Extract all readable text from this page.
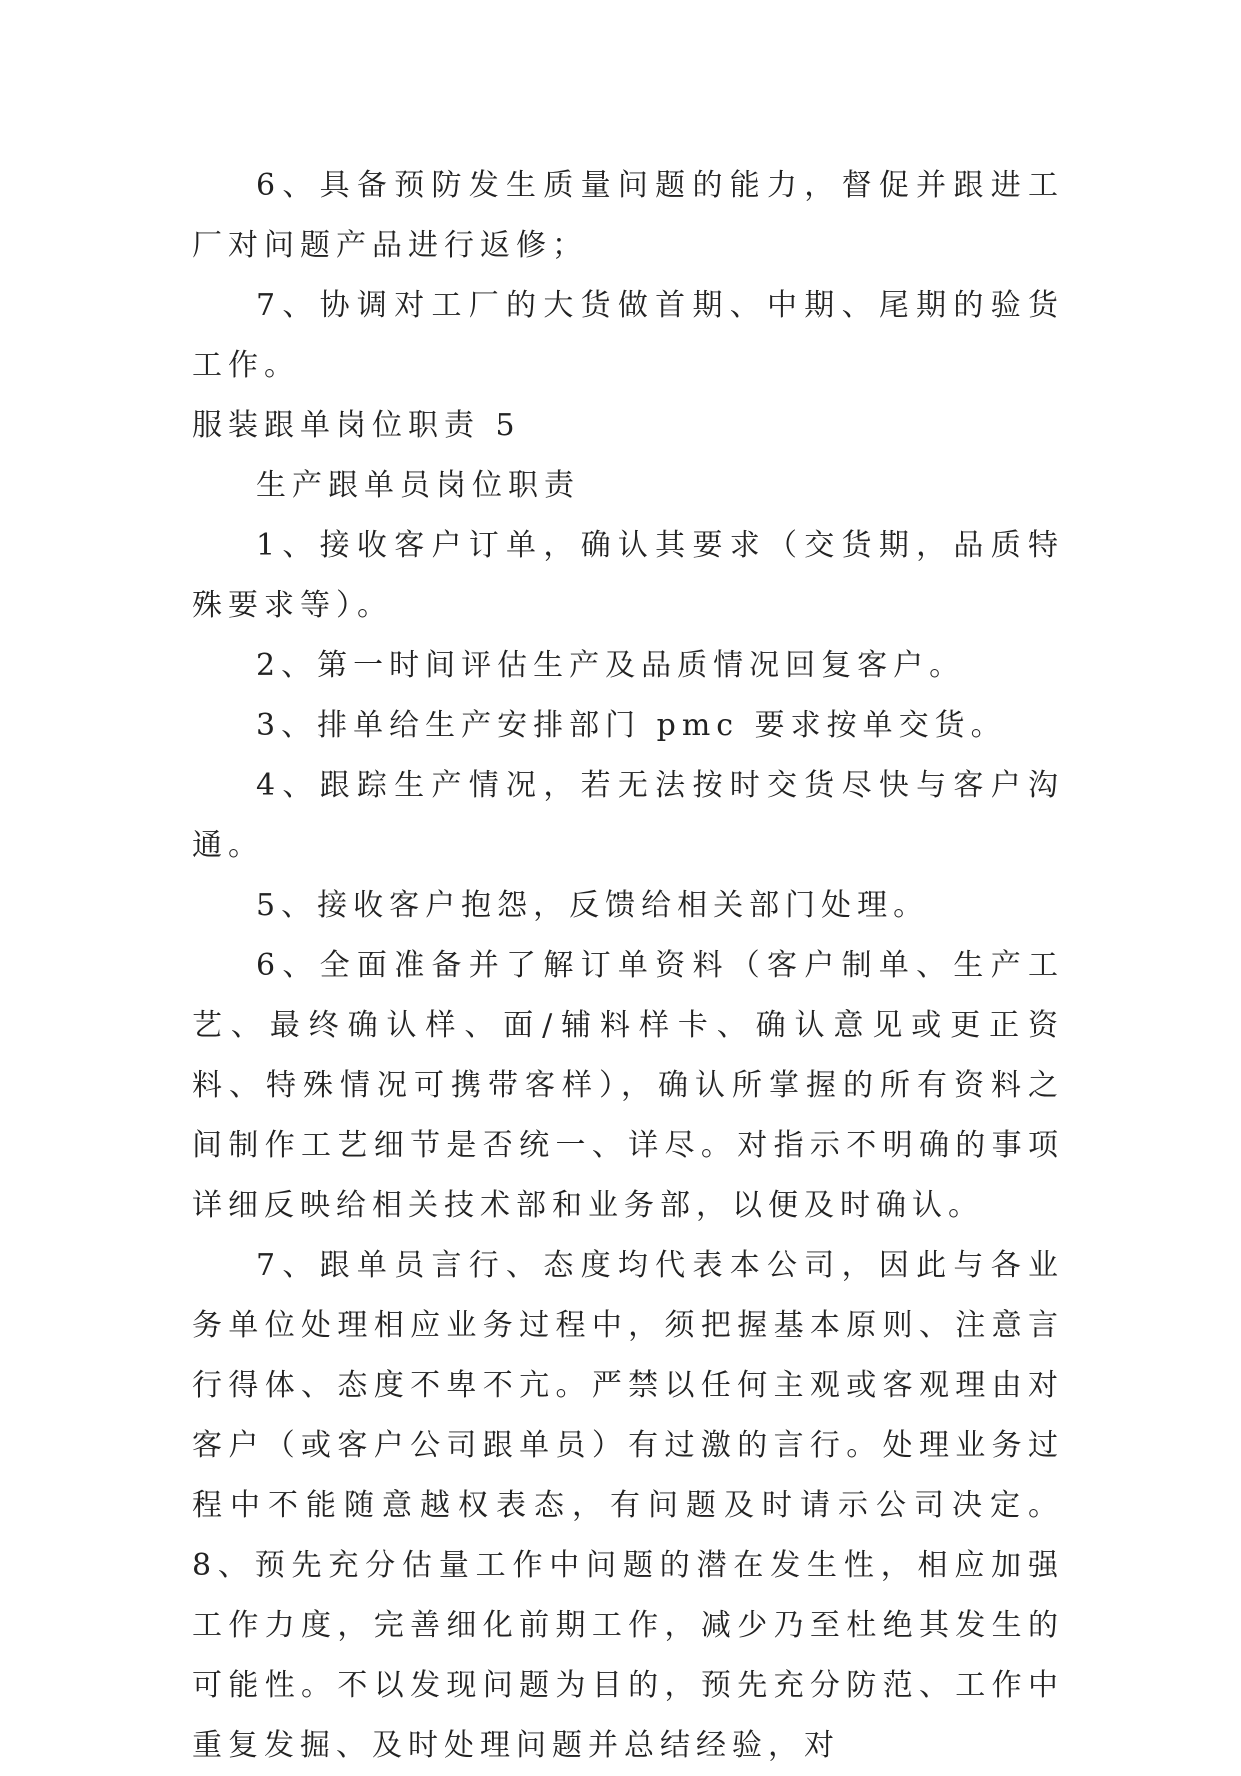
6、具备预防发生质量问题的能力，督促并跟进工厂对问题产品进行返修；

7、协调对工厂的大货做首期、中期、尾期的验货工作。

服装跟单岗位职责 5

生产跟单员岗位职责

1、接收客户订单，确认其要求（交货期，品质特殊要求等）。

2、第一时间评估生产及品质情况回复客户。

3、排单给生产安排部门 pmc 要求按单交货。

4、跟踪生产情况，若无法按时交货尽快与客户沟通。

5、接收客户抱怨，反馈给相关部门处理。

6、全面准备并了解订单资料（客户制单、生产工艺、最终确认样、面/辅料样卡、确认意见或更正资料、特殊情况可携带客样），确认所掌握的所有资料之间制作工艺细节是否统一、详尽。对指示不明确的事项详细反映给相关技术部和业务部，以便及时确认。

7、跟单员言行、态度均代表本公司，因此与各业务单位处理相应业务过程中，须把握基本原则、注意言行得体、态度不卑不亢。严禁以任何主观或客观理由对客户（或客户公司跟单员）有过激的言行。处理业务过程中不能随意越权表态，有问题及时请示公司决定。 8、预先充分估量工作中问题的潜在发生性，相应加强工作力度，完善细化前期工作，减少乃至杜绝其发生的可能性。不以发现问题为目的，预先充分防范、工作中重复发掘、及时处理问题并总结经验，对
